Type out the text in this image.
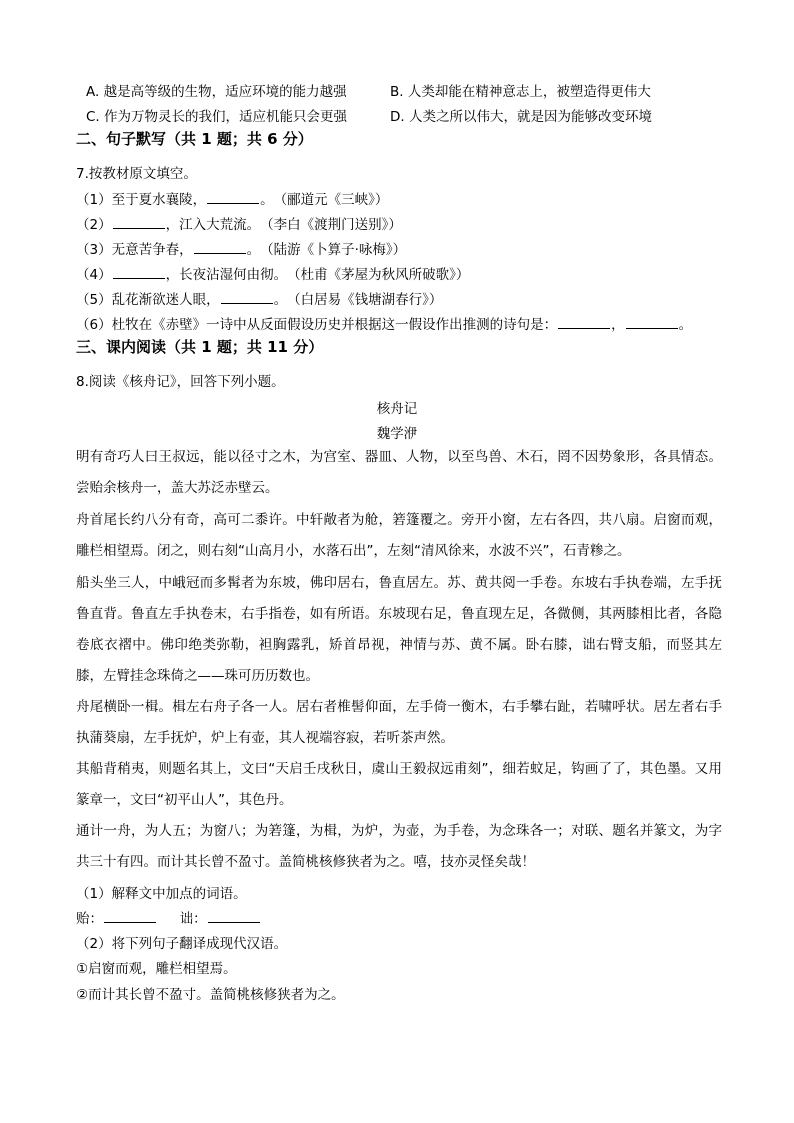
A. 越是高等级的生物，适应环境的能力越强	B. 人类却能在精神意志上，被塑造得更伟大
C. 作为万物灵长的我们，适应机能只会更强	D. 人类之所以伟大，就是因为能够改变环境
二、句子默写（共 1 题；共 6 分）
7.按教材原文填空。
（1）至于夏水襄陵，	。　（郦道元《三峡》）
（2）	，江入大荒流。　（李白《渡荆门送别》）
（3）无意苦争春，	。　（陆游《卜算子·咏梅》）
（4）	，长夜沾湿何由彻。　（杜甫《茅屋为秋风所破歌》）
（5）乱花渐欲迷人眼，	。　（白居易《钱塘湖春行》）
（6）杜牧在《赤壁》一诗中从反面假设历史并根据这一假设作出推测的诗句是：	，	。
三、课内阅读（共 1 题；共 11 分）
8.阅读《核舟记》，回答下列小题。
核舟记
魏学洢
明有奇巧人曰王叔远，能以径寸之木，为宫室、器皿、人物，以至鸟兽、木石，罔不因势象形，各具情态。尝贻余核舟一，盖大苏泛赤壁云。
舟首尾长约八分有奇，高可二黍许。中轩敞者为舱，箬篷覆之。旁开小窗，左右各四，共八扇。启窗而观，雕栏相望焉。闭之，则右刻“山高月小，水落石出”，左刻“清风徐来，水波不兴”，石青糁之。
船头坐三人，中峨冠而多髯者为东坡，佛印居右，鲁直居左。苏、黄共阅一手卷。东坡右手执卷端，左手抚鲁直背。鲁直左手执卷末，右手指卷，如有所语。东坡现右足，鲁直现左足，各微侧，其两膝相比者，各隐卷底衣褶中。佛印绝类弥勒，袒胸露乳，矫首昂视，神情与苏、黄不属。卧右膝，诎右臂支船，而竖其左膝，左臂挂念珠倚之——珠可历历数也。
舟尾横卧一楫。楫左右舟子各一人。居右者椎髻仰面，左手倚一衡木，右手攀右趾，若啸呼状。居左者右手执蒲葵扇，左手抚炉，炉上有壶，其人视端容寂，若听茶声然。
其船背稍夷，则题名其上，文曰“天启壬戌秋日，虞山王毅叔远甫刻”，细若蚊足，钩画了了，其色墨。又用篆章一，文曰“初平山人”，其色丹。
通计一舟，为人五；为窗八；为箬篷，为楫，为炉，为壶，为手卷，为念珠各一；对联、题名并篆文，为字共三十有四。而计其长曾不盈寸。盖简桃核修狭者为之。嘻，技亦灵怪矣哉！
（1）解释文中加点的词语。
贻：	诎：
（2）将下列句子翻译成现代汉语。
①启窗而观，雕栏相望焉。
②而计其长曾不盈寸。盖简桃核修狭者为之。
